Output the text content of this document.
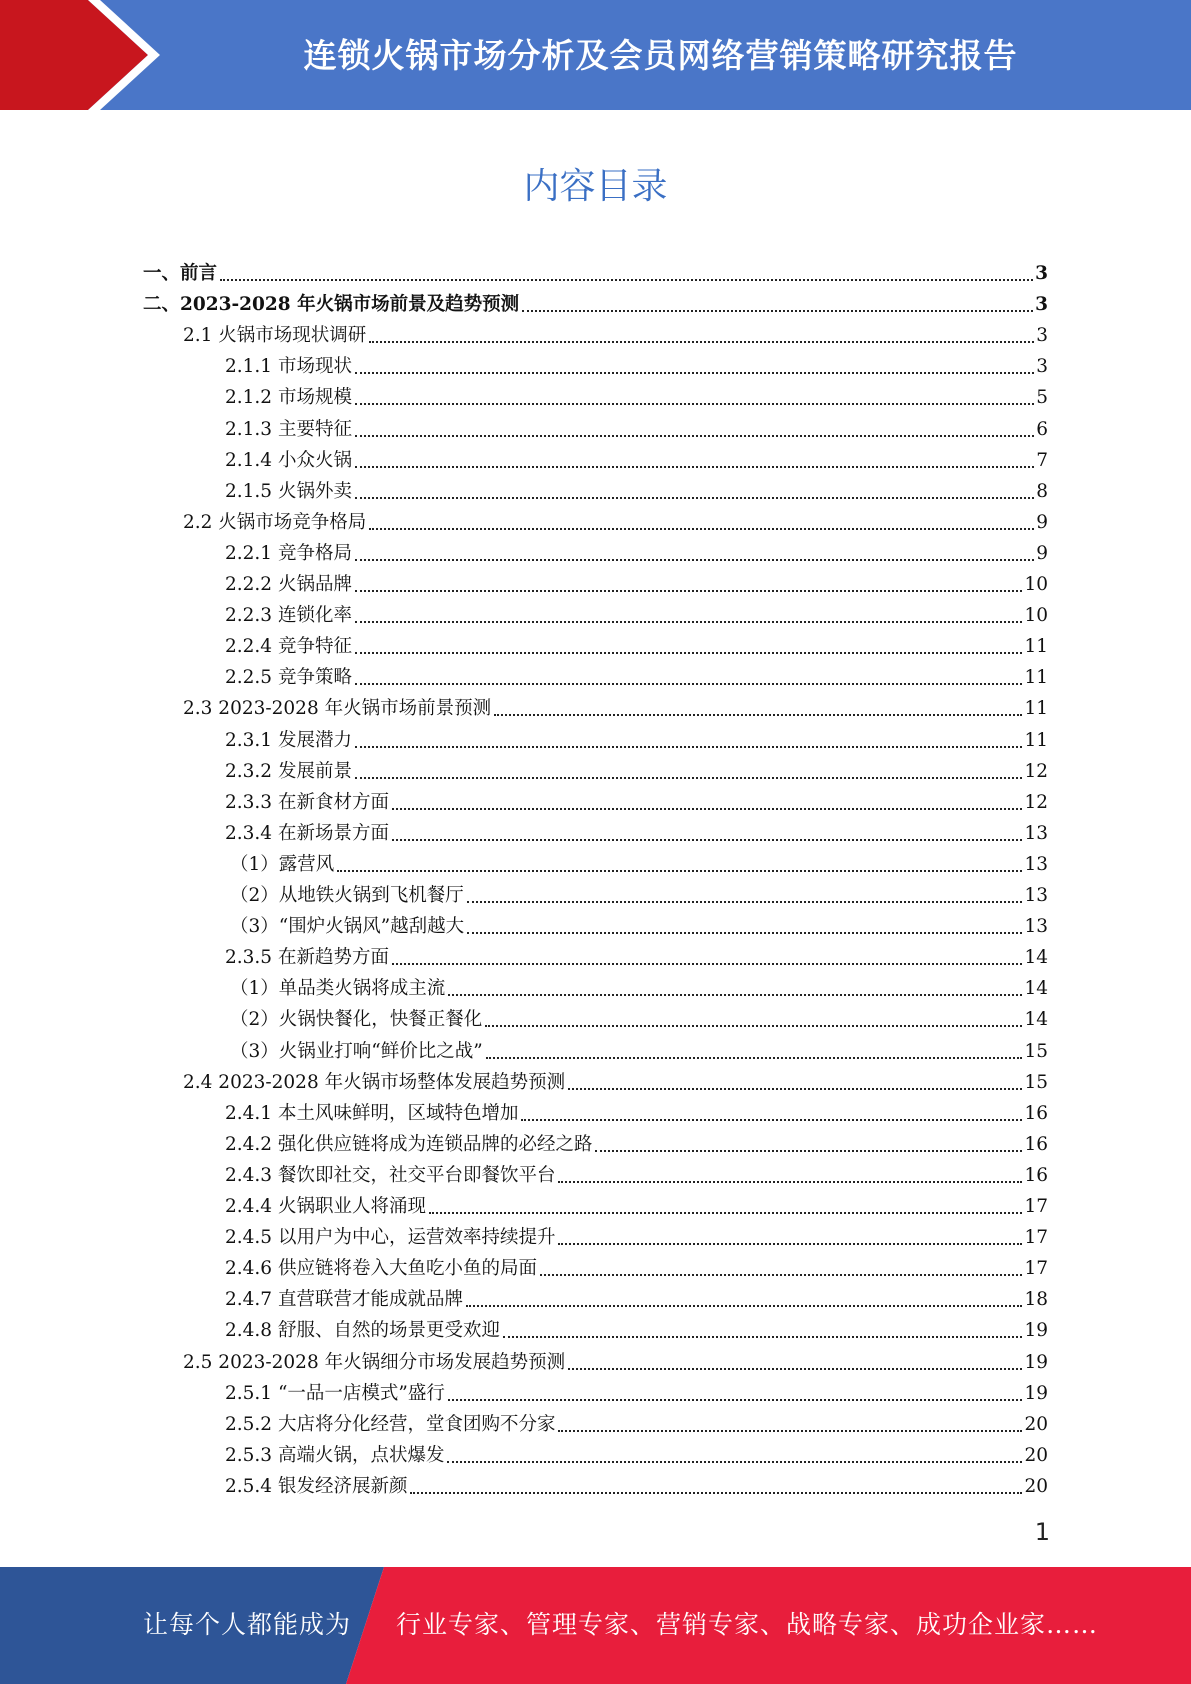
连锁火锅市场分析及会员网络营销策略研究报告
内容目录
一、前言	3
二、2023-2028 年火锅市场前景及趋势预测	3
2.1 火锅市场现状调研	3
2.1.1 市场现状	3
2.1.2 市场规模	5
2.1.3 主要特征	6
2.1.4 小众火锅	7
2.1.5 火锅外卖	8
2.2 火锅市场竞争格局	9
2.2.1 竞争格局	9
2.2.2 火锅品牌	10
2.2.3 连锁化率	10
2.2.4 竞争特征	11
2.2.5 竞争策略	11
2.3 2023-2028 年火锅市场前景预测	11
2.3.1 发展潜力	11
2.3.2 发展前景	12
2.3.3 在新食材方面	12
2.3.4 在新场景方面	13
（1）露营风	13
（2）从地铁火锅到飞机餐厅	13
（3）“围炉火锅风”越刮越大	13
2.3.5 在新趋势方面	14
（1）单品类火锅将成主流	14
（2）火锅快餐化，快餐正餐化	14
（3）火锅业打响“鲜价比之战”	15
2.4 2023-2028 年火锅市场整体发展趋势预测	15
2.4.1 本土风味鲜明，区域特色增加	16
2.4.2 强化供应链将成为连锁品牌的必经之路	16
2.4.3 餐饮即社交，社交平台即餐饮平台	16
2.4.4 火锅职业人将涌现	17
2.4.5 以用户为中心，运营效率持续提升	17
2.4.6 供应链将卷入大鱼吃小鱼的局面	17
2.4.7 直营联营才能成就品牌	18
2.4.8 舒服、自然的场景更受欢迎	19
2.5 2023-2028 年火锅细分市场发展趋势预测	19
2.5.1 “一品一店模式”盛行	19
2.5.2 大店将分化经营，堂食团购不分家	20
2.5.3 高端火锅，点状爆发	20
2.5.4 银发经济展新颜	20
1
让每个人都能成为 行业专家、管理专家、营销专家、战略专家、成功企业家……
